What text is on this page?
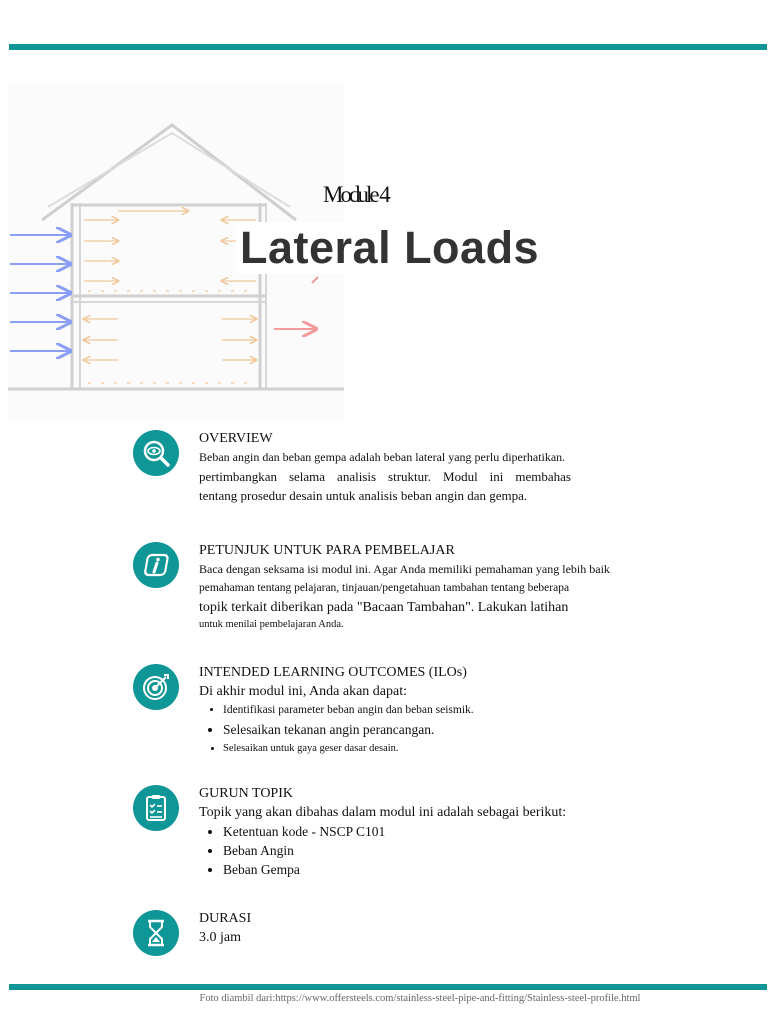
Module 4
Lateral Loads
OVERVIEW

Beban angin dan beban gempa adalah beban lateral yang perlu diperhatikan.
pertimbangkan selama analisis struktur. Modul ini membahas
tentang prosedur desain untuk analisis beban angin dan gempa.

PETUNJUK UNTUK PARA PEMBELAJAR

Baca dengan seksama isi modul ini. Agar Anda memiliki pemahaman yang lebih baik
pemahaman tentang pelajaran, tinjauan/pengetahuan tambahan tentang beberapa
topik terkait diberikan pada "Bacaan Tambahan". Lakukan latihan
untuk menilai pembelajaran Anda.

INTENDED LEARNING OUTCOMES (ILOs)
Di akhir modul ini, Anda akan dapat:
• Identifikasi parameter beban angin dan beban seismik.
• Selesaikan tekanan angin perancangan.
• Selesaikan untuk gaya geser dasar desain.
GURUN TOPIK
Topik yang akan dibahas dalam modul ini adalah sebagai berikut:
• Ketentuan kode - NSCP C101
• Beban Angin
• Beban Gempa
DURASI
3.0 jam
Foto diambil dari:https://www.offersteels.com/stainless-steel-pipe-and-fitting/Stainless-steel-profile.html
